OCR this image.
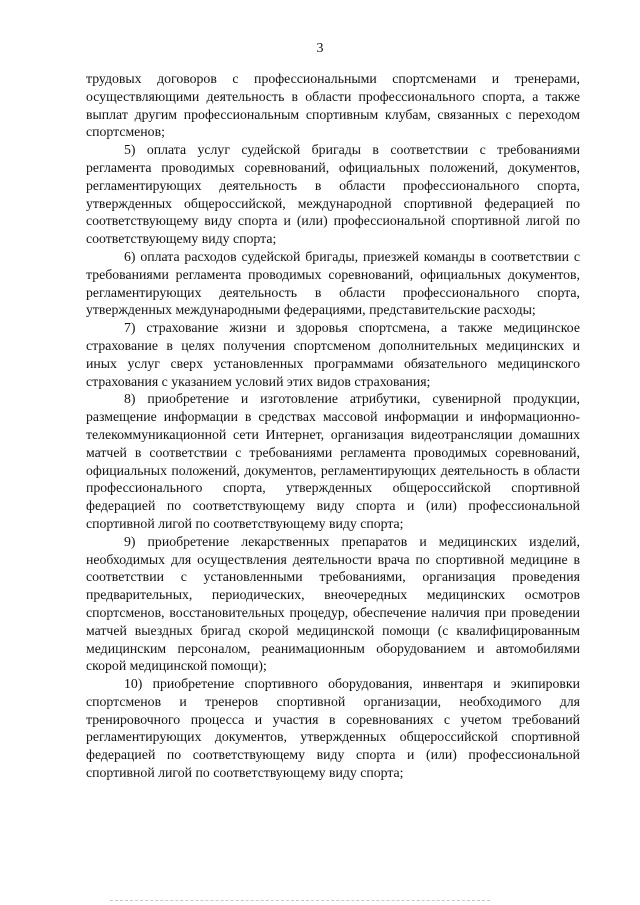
3

трудовых договоров с профессиональными спортсменами и тренерами, осуществляющими деятельность в области профессионального спорта, а также выплат другим профессиональным спортивным клубам, связанных с переходом спортсменов;

5) оплата услуг судейской бригады в соответствии с требованиями регламента проводимых соревнований, официальных положений, документов, регламентирующих деятельность в области профессионального спорта, утвержденных общероссийской, международной спортивной федерацией по соответствующему виду спорта и (или) профессиональной спортивной лигой по соответствующему виду спорта;

6) оплата расходов судейской бригады, приезжей команды в соответствии с требованиями регламента проводимых соревнований, официальных документов, регламентирующих деятельность в области профессионального спорта, утвержденных международными федерациями, представительские расходы;

7) страхование жизни и здоровья спортсмена, а также медицинское страхование в целях получения спортсменом дополнительных медицинских и иных услуг сверх установленных программами обязательного медицинского страхования с указанием условий этих видов страхования;

8) приобретение и изготовление атрибутики, сувенирной продукции, размещение информации в средствах массовой информации и информационно-телекоммуникационной сети Интернет, организация видеотрансляции домашних матчей в соответствии с требованиями регламента проводимых соревнований, официальных положений, документов, регламентирующих деятельность в области профессионального спорта, утвержденных общероссийской спортивной федерацией по соответствующему виду спорта и (или) профессиональной спортивной лигой по соответствующему виду спорта;

9) приобретение лекарственных препаратов и медицинских изделий, необходимых для осуществления деятельности врача по спортивной медицине в соответствии с установленными требованиями, организация проведения предварительных, периодических, внеочередных медицинских осмотров спортсменов, восстановительных процедур, обеспечение наличия при проведении матчей выездных бригад скорой медицинской помощи (с квалифицированным медицинским персоналом, реанимационным оборудованием и автомобилями скорой медицинской помощи);

10) приобретение спортивного оборудования, инвентаря и экипировки спортсменов и тренеров спортивной организации, необходимого для тренировочного процесса и участия в соревнованиях с учетом требований регламентирующих документов, утвержденных общероссийской спортивной федерацией по соответствующему виду спорта и (или) профессиональной спортивной лигой по соответствующему виду спорта;
